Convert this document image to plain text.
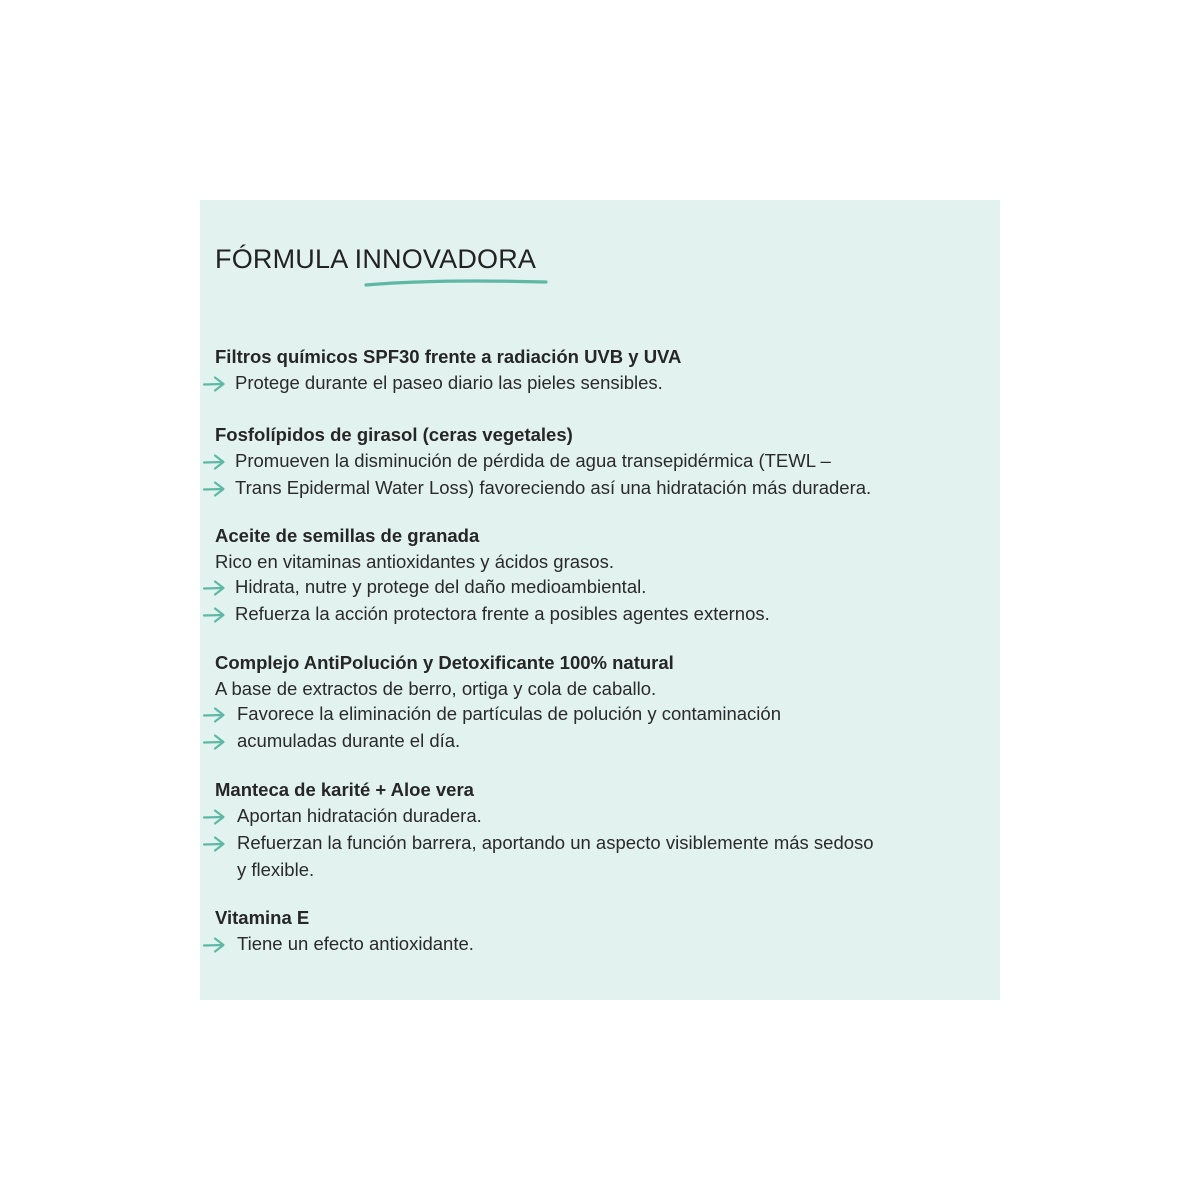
FÓRMULA INNOVADORA
Filtros químicos SPF30 frente a radiación UVB y UVA
Protege durante el paseo diario las pieles sensibles.
Fosfolípidos de girasol (ceras vegetales)
Promueven la disminución de pérdida de agua transepidérmica (TEWL –
Trans Epidermal Water Loss) favoreciendo así una hidratación más duradera.
Aceite de semillas de granada
Rico en vitaminas antioxidantes y ácidos grasos.
Hidrata, nutre y protege del daño medioambiental.
Refuerza la acción protectora frente a posibles agentes externos.
Complejo AntiPolución y Detoxificante 100% natural
A base de extractos de berro, ortiga y cola de caballo.
Favorece la eliminación de partículas de polución y contaminación
acumuladas durante el día.
Manteca de karité + Aloe vera
Aportan hidratación duradera.
Refuerzan la función barrera, aportando un aspecto visiblemente más sedoso
y flexible.
Vitamina E
Tiene un efecto antioxidante.
